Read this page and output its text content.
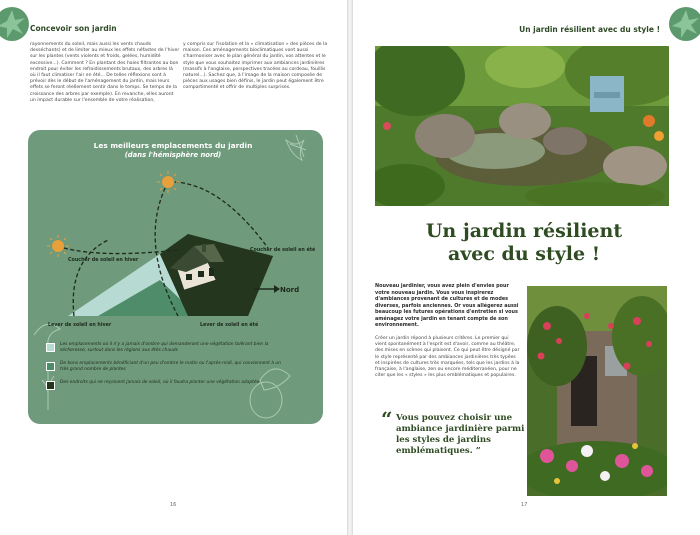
Concevoir son jardin
rayonnements du soleil, mais aussi les vents chauds desséchants) et de limiter au mieux les effets néfastes de l'hiver sur les plantes (vents violents et froids, gelées, humidité excessive...). Comment ? En plantant des haies filtrantes au bon endroit pour éviter les refroidissements brutaux, des arbres là où il faut climatiser l'air en été... De telles réflexions sont à prévoir dès le début de l'aménagement du jardin, mais leurs effets se feront réellement sentir dans le temps. Se temps de la croissance des arbres par exemple). En revanche, elles auront un impact durable sur l'ensemble de votre réalisation,
y compris sur l'isolation et la « climatisation » des pièces de la maison. Ces aménagements bioclimatiques vont aussi s'harmoniser avec le plan général du jardin, vos attentes et le style que vous souhaitez imprimer aux ambiances jardinières (massifs à l'anglaise, perspectives tracées au cordeau, fouillis naturel...). Sachez que, à l'image de la maison composée de pièces aux usages bien définis, le jardin peut également être compartimenté et offrir de multiples surprises.
Les meilleurs emplacements du jardin
(dans l'hémisphère nord)
Coucher de soleil en hiver
Coucher de soleil en été
Nord
Lever de soleil en hiver	Lever de soleil en été
Les emplacements où il n'y a jamais d'ombre qui demanderont une végétation tolérant bien la sécheresse, surtout dans les régions aux étés chauds
De bons emplacements bénéficiant d'un peu d'ombre le matin ou l'après-midi, qui conviennent à un très grand nombre de plantes
Des endroits qui ne reçoivent jamais de soleil, où il faudra planter une végétation adaptée
16
Un jardin résilient avec du style !
Un jardin résilient
avec du style !
Nouveau jardinier, vous avez plein d'envies pour votre nouveau jardin. Vous vous inspirerez d'ambiances provenant de cultures et de modes diverses, parfois anciennes. Or vous alléger​ez aussi beaucoup les futures opérations d'entretien si vous aménagez votre jardin en tenant compte de son environnement.
Créer un jardin répond à plusieurs critères. Le premier qui vient spontanément à l'esprit est d'avoir, comme au théâtre, des mises en scènes qui plaisent. Ce qui peut être désigné par le style représenté par des ambiances jardinières très typées et inspirées de cultures très marquées, tels que les jardins à la française, à l'anglaise, zen ou encore méditerranéen, pour ne citer que les « styles » les plus emblématiques et populaires.
“ Vous pouvez choisir une ambiance jardinière parmi les styles de jardins emblématiques. ”
17
